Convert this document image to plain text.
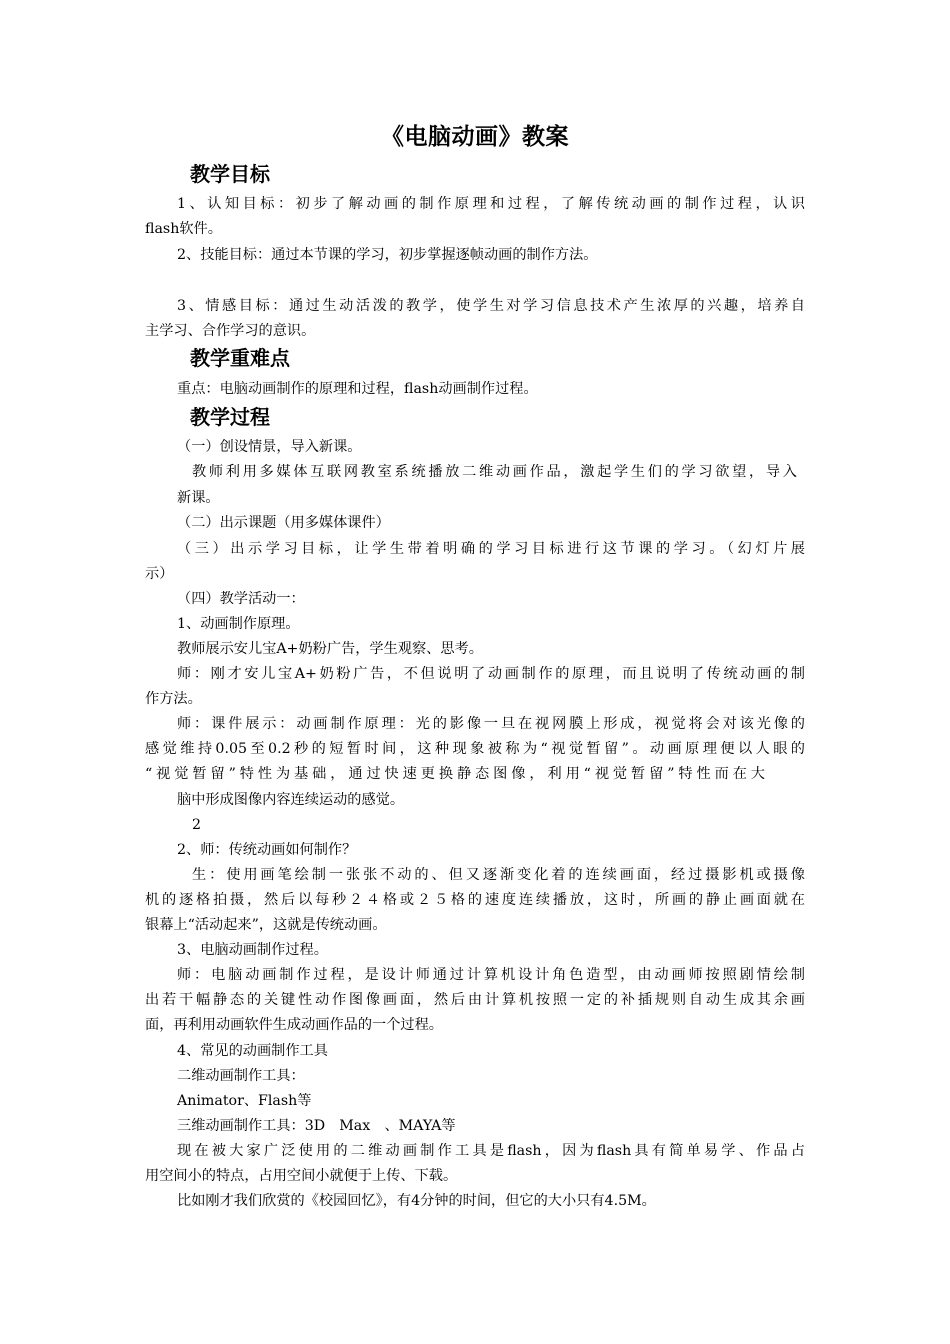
《电脑动画》教案
教学目标
1、认知目标：初步了解动画的制作原理和过程，了解传统动画的制作过程，认识
flash软件。
2、技能目标：通过本节课的学习，初步掌握逐帧动画的制作方法。
3、情感目标：通过生动活泼的教学，使学生对学习信息技术产生浓厚的兴趣，培养自
主学习、合作学习的意识。
教学重难点
重点：电脑动画制作的原理和过程，flash动画制作过程。
教学过程
（一）创设情景，导入新课。
教师利用多媒体互联网教室系统播放二维动画作品，激起学生们的学习欲望，导入
新课。
（二）出示课题（用多媒体课件）
（三）出示学习目标，让学生带着明确的学习目标进行这节课的学习。（幻灯片展
示）
（四）教学活动一：
1、动画制作原理。
教师展示安儿宝A+奶粉广告，学生观察、思考。
师：刚才安儿宝A+奶粉广告，不但说明了动画制作的原理，而且说明了传统动画的制
作方法。
师：课件展示：动画制作原理：光的影像一旦在视网膜上形成，视觉将会对该光像的
感觉维持0.05至0.2秒的短暂时间，这种现象被称为“视觉暂留”。动画原理便以人眼的
“视觉暂留”特性为基础，通过快速更换静态图像，利用“视觉暂留”特性而在大
脑中形成图像内容连续运动的感觉。
2
2、师：传统动画如何制作？
生：使用画笔绘制一张张不动的、但又逐渐变化着的连续画面，经过摄影机或摄像
机的逐格拍摄，然后以每秒２４格或２５格的速度连续播放，这时，所画的静止画面就在
银幕上“活动起来”，这就是传统动画。
3、电脑动画制作过程。
师：电脑动画制作过程，是设计师通过计算机设计角色造型，由动画师按照剧情绘制
出若干幅静态的关键性动作图像画面，然后由计算机按照一定的补插规则自动生成其余画
面，再利用动画软件生成动画作品的一个过程。
4、常见的动画制作工具
二维动画制作工具：
Animator、Flash等
三维动画制作工具：3D　Max　、MAYA等
现在被大家广泛使用的二维动画制作工具是flash，因为flash具有简单易学、作品占
用空间小的特点，占用空间小就便于上传、下载。
比如刚才我们欣赏的《校园回忆》，有4分钟的时间，但它的大小只有4.5M。
